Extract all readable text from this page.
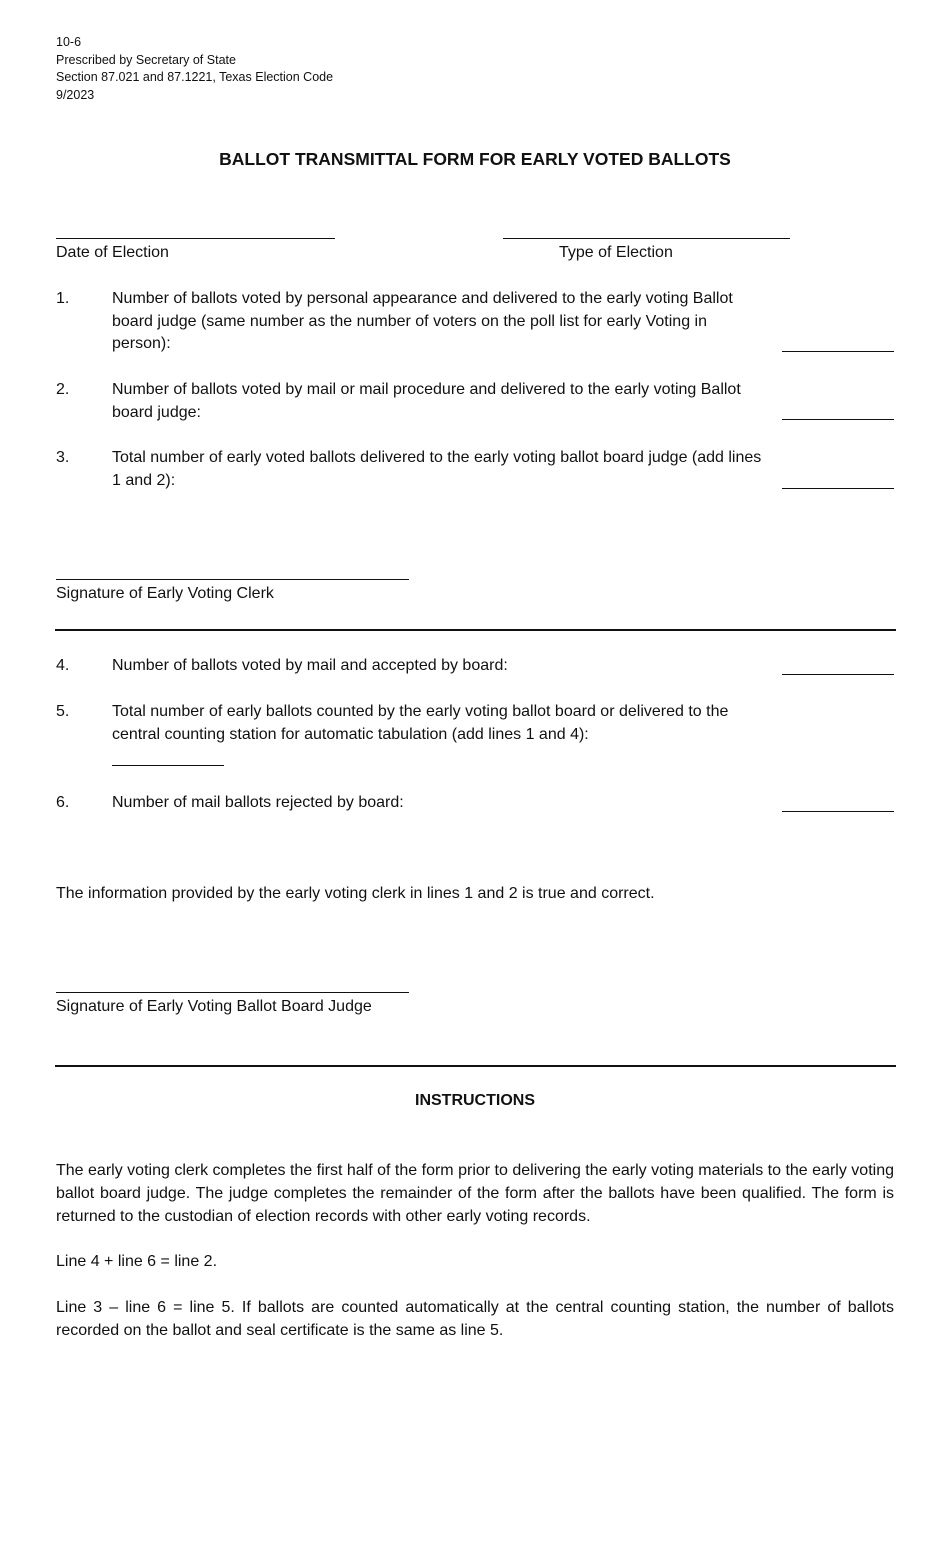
10-6
Prescribed by Secretary of State
Section 87.021 and 87.1221, Texas Election Code
9/2023
BALLOT TRANSMITTAL FORM FOR EARLY VOTED BALLOTS
Date of Election	Type of Election
1.	Number of ballots voted by personal appearance and delivered to the early voting Ballot board judge (same number as the number of voters on the poll list for early Voting in person):
2.	Number of ballots voted by mail or mail procedure and delivered to the early voting Ballot board judge:
3.	Total number of early voted ballots delivered to the early voting ballot board judge (add lines 1 and 2):
Signature of Early Voting Clerk
4.	Number of ballots voted by mail and accepted by board:
5.	Total number of early ballots counted by the early voting ballot board or delivered to the central counting station for automatic tabulation (add lines 1 and 4):
6.	Number of mail ballots rejected by board:
The information provided by the early voting clerk in lines 1 and 2 is true and correct.
Signature of Early Voting Ballot Board Judge
INSTRUCTIONS
The early voting clerk completes the first half of the form prior to delivering the early voting materials to the early voting ballot board judge. The judge completes the remainder of the form after the ballots have been qualified. The form is returned to the custodian of election records with other early voting records.
Line 4 + line 6 = line 2.
Line 3 – line 6 = line 5. If ballots are counted automatically at the central counting station, the number of ballots recorded on the ballot and seal certificate is the same as line 5.
